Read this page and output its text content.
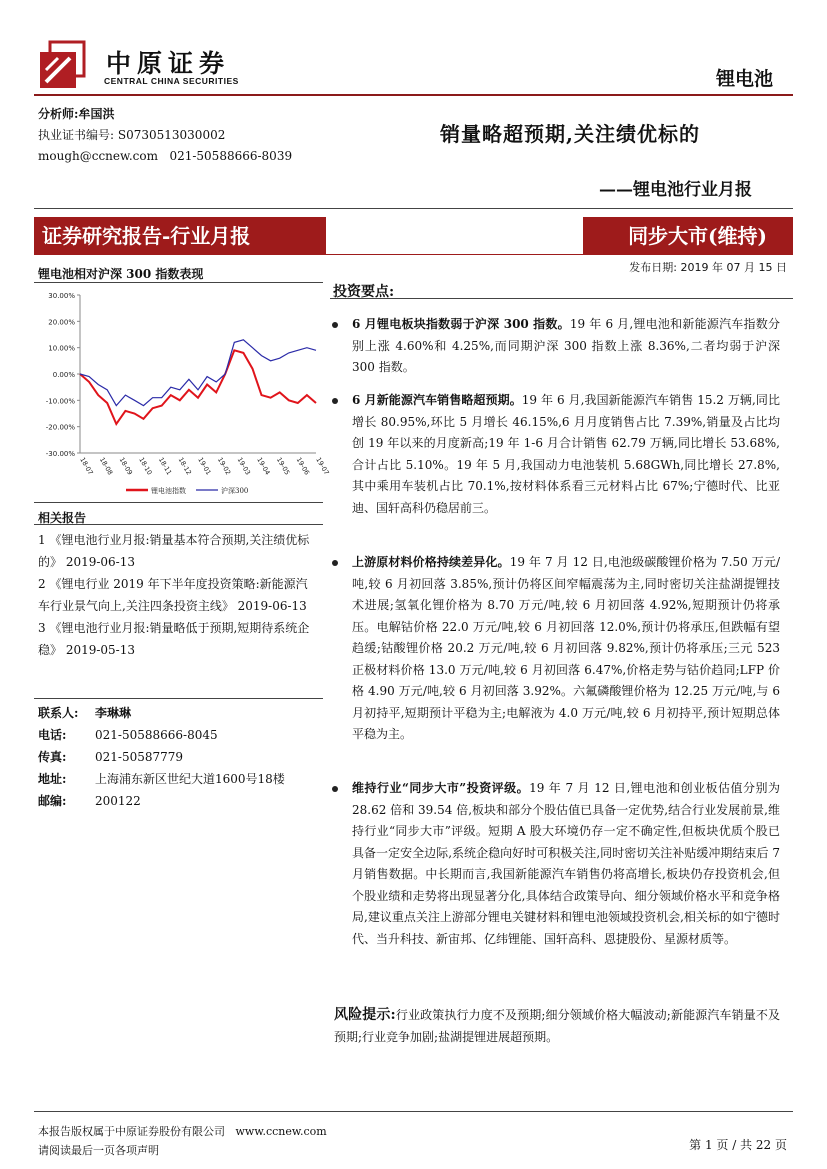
中原证券
CENTRAL CHINA SECURITIES	锂电池
分析师:牟国洪
执业证书编号: S0730513030002
mough@ccnew.com 021-50588666-8039
销量略超预期,关注绩优标的
——锂电池行业月报
证券研究报告-行业月报	同步大市(维持)
发布日期: 2019 年 07 月 15 日
锂电池相对沪深 300 指数表现
30.00%
20.00%
10.00%
0.00%
-10.00%
-20.00%
-30.00%
18-07 18-08 18-09 18-10 18-11 18-12 19-01 19-02 19-03 19-04 19-05 19-06 19-07
锂电池指数	沪深300
相关报告
1 《锂电池行业月报:销量基本符合预期,关注绩优标的》 2019-06-13
2 《锂电行业 2019 年下半年度投资策略:新能源汽车行业景气向上,关注四条投资主线》 2019-06-13
3 《锂电池行业月报:销量略低于预期,短期待系统企稳》 2019-05-13
联系人:	李琳琳
电话:	021-50588666-8045
传真:	021-50587779
地址:	上海浦东新区世纪大道1600号18楼
邮编:	200122
投资要点:
6 月锂电板块指数弱于沪深 300 指数。19 年 6 月,锂电池和新能源汽车指数分别上涨 4.60%和 4.25%,而同期沪深 300 指数上涨 8.36%,二者均弱于沪深 300 指数。
6 月新能源汽车销售略超预期。19 年 6 月,我国新能源汽车销售 15.2 万辆,同比增长 80.95%,环比 5 月增长 46.15%,6 月月度销售占比 7.39%,销量及占比均创 19 年以来的月度新高;19 年 1-6 月合计销售 62.79 万辆,同比增长 53.68%,合计占比 5.10%。19 年 5 月,我国动力电池装机 5.68GWh,同比增长 27.8%,其中乘用车装机占比 70.1%,按材料体系看三元材料占比 67%;宁德时代、比亚迪、国轩高科仍稳居前三。
上游原材料价格持续差异化。19 年 7 月 12 日,电池级碳酸锂价格为 7.50 万元/吨,较 6 月初回落 3.85%,预计仍将区间窄幅震荡为主,同时密切关注盐湖提锂技术进展;氢氧化锂价格为 8.70 万元/吨,较 6 月初回落 4.92%,短期预计仍将承压。电解钴价格 22.0 万元/吨,较 6 月初回落 12.0%,预计仍将承压,但跌幅有望趋缓;钴酸锂价格 20.2 万元/吨,较 6 月初回落 9.82%,预计仍将承压;三元 523 正极材料价格 13.0 万元/吨,较 6 月初回落 6.47%,价格走势与钴价趋同;LFP 价格 4.90 万元/吨,较 6 月初回落 3.92%。六氟磷酸锂价格为 12.25 万元/吨,与 6 月初持平,短期预计平稳为主;电解液为 4.0 万元/吨,较 6 月初持平,预计短期总体平稳为主。
维持行业“同步大市”投资评级。19 年 7 月 12 日,锂电池和创业板估值分别为 28.62 倍和 39.54 倍,板块和部分个股估值已具备一定优势,结合行业发展前景,维持行业“同步大市”评级。短期 A 股大环境仍存一定不确定性,但板块优质个股已具备一定安全边际,系统企稳向好时可积极关注,同时密切关注补贴缓冲期结束后 7 月销售数据。中长期而言,我国新能源汽车销售仍将高增长,板块仍存投资机会,但个股业绩和走势将出现显著分化,具体结合政策导向、细分领域价格水平和竞争格局,建议重点关注上游部分锂电关键材料和锂电池领域投资机会,相关标的如宁德时代、当升科技、新宙邦、亿纬锂能、国轩高科、恩捷股份、星源材质等。
风险提示:行业政策执行力度不及预期;细分领域价格大幅波动;新能源汽车销量不及预期;行业竞争加剧;盐湖提锂进展超预期。
本报告版权属于中原证券股份有限公司 www.ccnew.com
请阅读最后一页各项声明	第 1 页 / 共 22 页
